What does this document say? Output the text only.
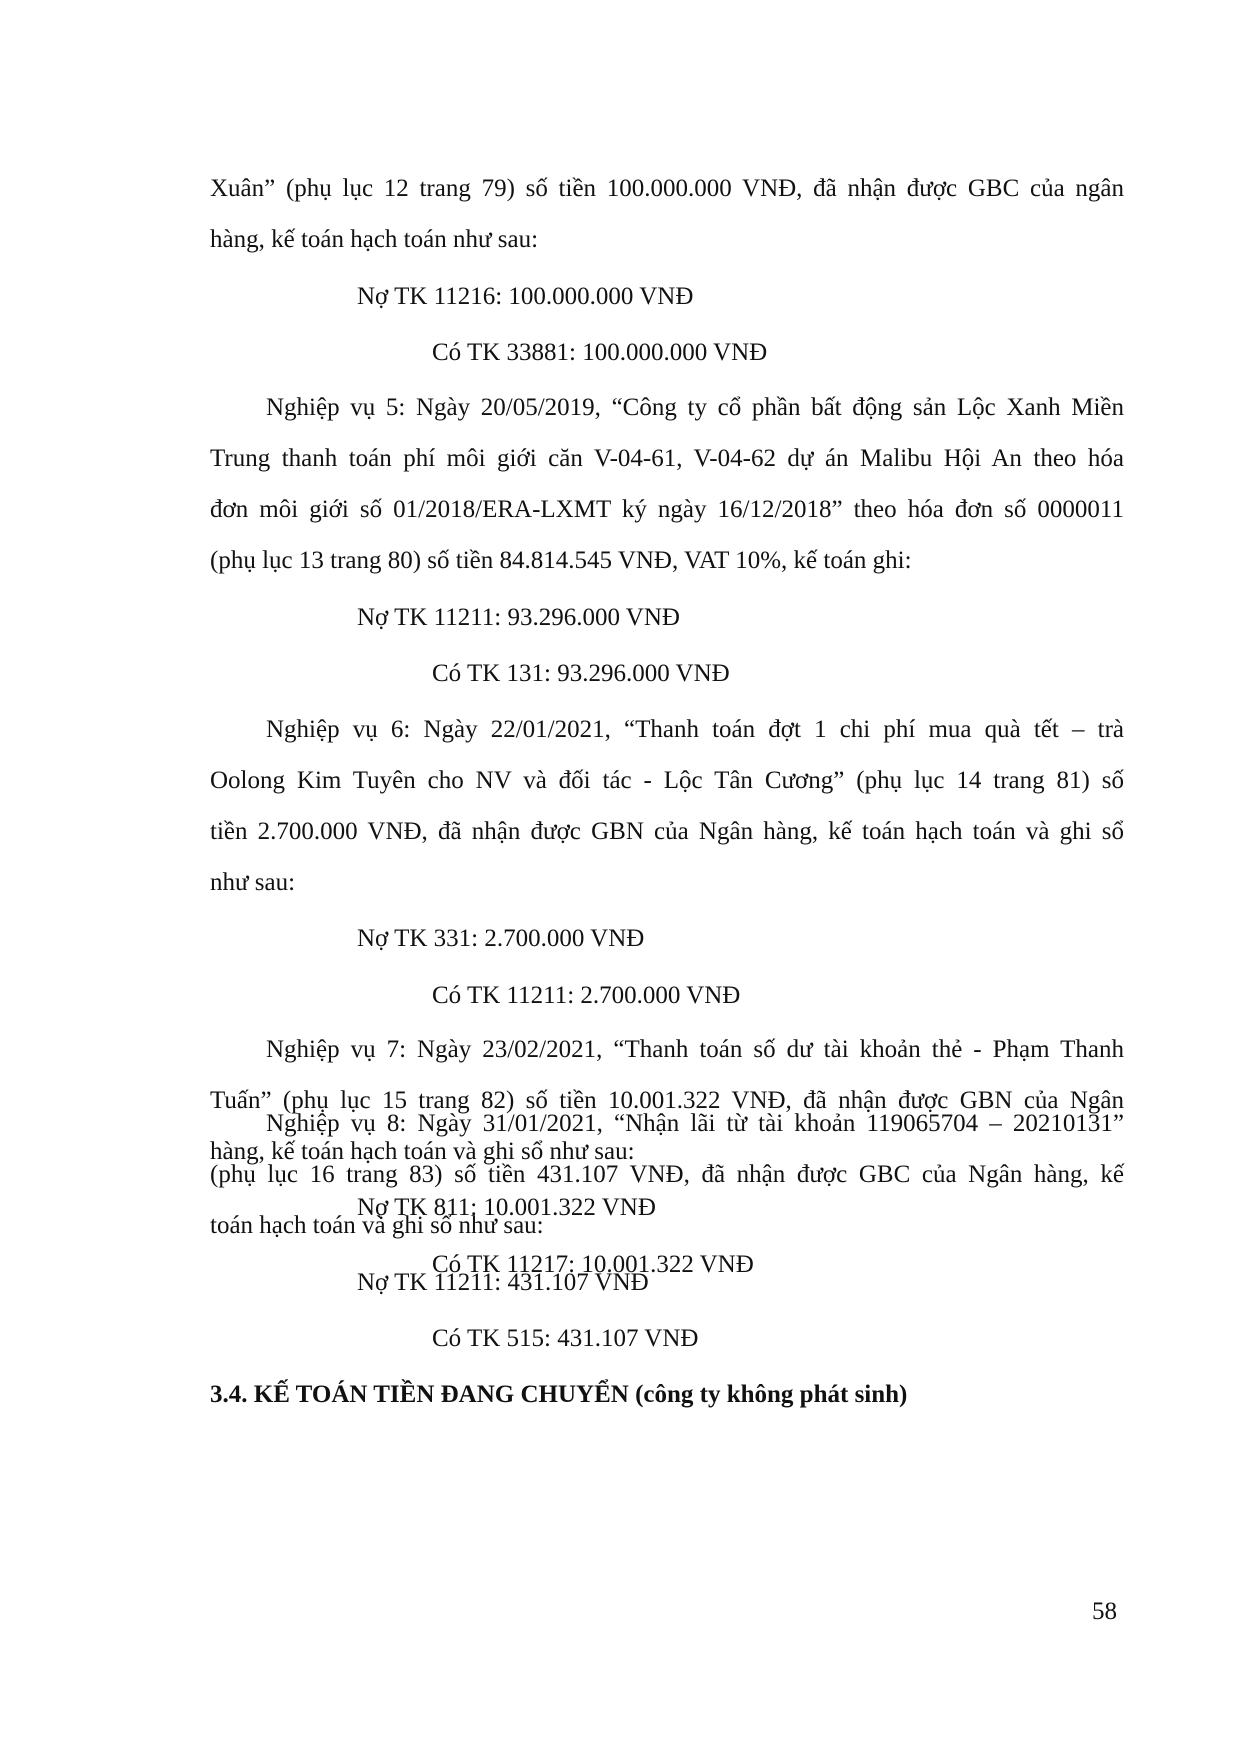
Xuân” (phụ lục 12 trang 79) số tiền 100.000.000 VNĐ, đã nhận được GBC của ngân
hàng, kế toán hạch toán như sau:
Nợ TK 11216: 100.000.000 VNĐ
Có TK 33881: 100.000.000 VNĐ
Nghiệp vụ 5: Ngày 20/05/2019, “Công ty cổ phần bất động sản Lộc Xanh Miền
Trung thanh toán phí môi giới căn V-04-61, V-04-62 dự án Malibu Hội An theo hóa
đơn môi giới số 01/2018/ERA-LXMT ký ngày 16/12/2018” theo hóa đơn số 0000011
(phụ lục 13 trang 80) số tiền 84.814.545 VNĐ, VAT 10%, kế toán ghi:
Nợ TK 11211: 93.296.000 VNĐ
Có TK 131: 93.296.000 VNĐ
Nghiệp vụ 6: Ngày 22/01/2021, “Thanh toán đợt 1 chi phí mua quà tết – trà
Oolong Kim Tuyên cho NV và đối tác - Lộc Tân Cương” (phụ lục 14 trang 81) số
tiền 2.700.000 VNĐ, đã nhận được GBN của Ngân hàng, kế toán hạch toán và ghi sổ
như sau:
Nợ TK 331: 2.700.000 VNĐ
Có TK 11211: 2.700.000 VNĐ
Nghiệp vụ 7: Ngày 23/02/2021, “Thanh toán số dư tài khoản thẻ - Phạm Thanh
Tuấn” (phụ lục 15 trang 82) số tiền 10.001.322 VNĐ, đã nhận được GBN của Ngân
hàng, kế toán hạch toán và ghi sổ như sau:
Nợ TK 811: 10.001.322 VNĐ
Có TK 11217: 10.001.322 VNĐ
Nghiệp vụ 8: Ngày 31/01/2021, “Nhận lãi từ tài khoản 119065704 – 20210131”
(phụ lục 16 trang 83) số tiền 431.107 VNĐ, đã nhận được GBC của Ngân hàng, kế
toán hạch toán và ghi sổ như sau:
Nợ TK 11211: 431.107 VNĐ
Có TK 515: 431.107 VNĐ
3.4. KẾ TOÁN TIỀN ĐANG CHUYỂN (công ty không phát sinh)
58
